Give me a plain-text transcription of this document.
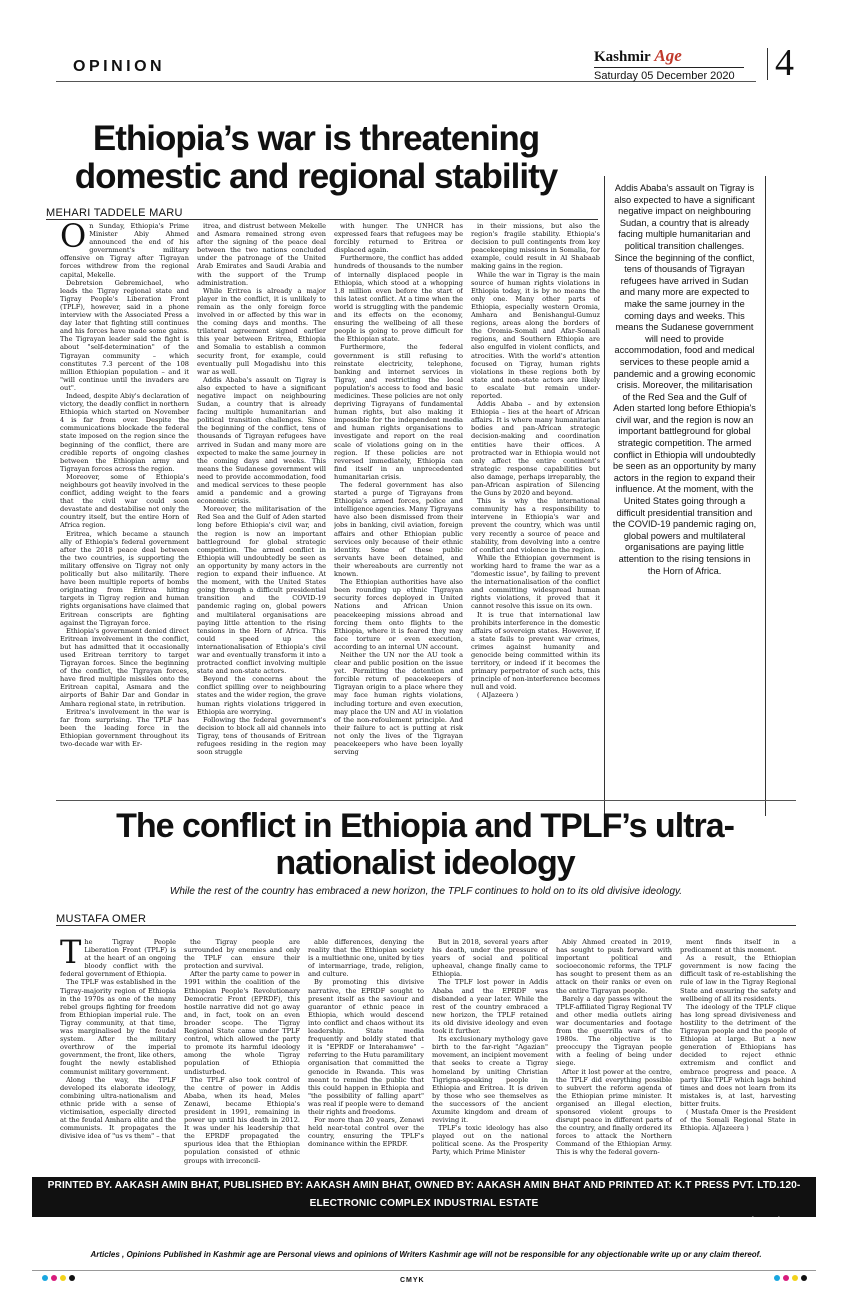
OPINION
Kashmir Age
Saturday 05 December 2020 4
Ethiopia’s war is threatening domestic and regional stability
MEHARI TADDELE MARU
O n Sunday, Ethiopia's Prime Minister Abiy Ahmed announced the end of his government's military offensive on Tigray after Tigrayan forces withdrew from the regional capital, Mekelle.

Debretsion Gebremichael, who leads the Tigray regional state and Tigray People's Liberation Front (TPLF), however, said in a phone interview with the Associated Press a day later that fighting still continues and his forces have made some gains. The Tigrayan leader said the fight is about "self-determination" of the Tigrayan community – which constitutes 7.3 percent of the 108 million Ethiopian population – and it "will continue until the invaders are out".

Indeed, despite Abiy's declaration of victory, the deadly conflict in northern Ethiopia which started on November 4 is far from over. Despite the communications blockade the federal state imposed on the region since the beginning of the conflict, there are credible reports of ongoing clashes between the Ethiopian army and Tigrayan forces across the region.

Moreover, some of Ethiopia's neighbours got heavily involved in the conflict, adding weight to the fears that the civil war could soon devastate and destabilise not only the country itself, but the entire Horn of Africa region.

Eritrea, which became a staunch ally of Ethiopia's federal government after the 2018 peace deal between the two countries, is supporting the military offensive on Tigray not only politically but also militarily. There have been multiple reports of bombs originating from Eritrea hitting targets in Tigray region and human rights organisations have claimed that Eritrean conscripts are fighting against the Tigrayan force.

Ethiopia's government denied direct Eritrean involvement in the conflict, but has admitted that it occasionally used Eritrean territory to target Tigrayan forces. Since the beginning of the conflict, the Tigrayan forces, have fired multiple missiles onto the Eritrean capital, Asmara and the airports of Bahir Dar and Gondar in Amhara regional state, in retribution.

Eritrea's involvement in the war is far from surprising. The TPLF has been the leading force in the Ethiopian government throughout its two-decade war with Er-

itrea, and distrust between Mekelle and Asmara remained strong even after the signing of the peace deal between the two nations concluded under the patronage of the United Arab Emirates and Saudi Arabia and with the support of the Trump administration.

While Eritrea is already a major player in the conflict, it is unlikely to remain as the only foreign force involved in or affected by this war in the coming days and months. The trilateral agreement signed earlier this year between Eritrea, Ethiopia and Somalia to establish a common security front, for example, could eventually pull Mogadishu into this war as well.

Addis Ababa's assault on Tigray is also expected to have a significant negative impact on neighbouring Sudan, a country that is already facing multiple humanitarian and political transition challenges. Since the beginning of the conflict, tens of thousands of Tigrayan refugees have arrived in Sudan and many more are expected to make the same journey in the coming days and weeks. This means the Sudanese government will need to provide accommodation, food and medical services to these people amid a pandemic and a growing economic crisis.

Moreover, the militarisation of the Red Sea and the Gulf of Aden started long before Ethiopia's civil war, and the region is now an important battleground for global strategic competition. The armed conflict in Ethiopia will undoubtedly be seen as an opportunity by many actors in the region to expand their influence. At the moment, with the United States going through a difficult presidential transition and the COVID-19 pandemic raging on, global powers and multilateral organisations are paying little attention to the rising tensions in the Horn of Africa. This could speed up the internationalisation of Ethiopia's civil war and eventually transform it into a protracted conflict involving multiple state and non-state actors.

Beyond the concerns about the conflict spilling over to neighbouring states and the wider region, the grave human rights violations triggered in Ethiopia are worrying.

Following the federal government's decision to block all aid channels into Tigray, tens of thousands of Eritrean refugees residing in the region may soon struggle

with hunger. The UNHCR has expressed fears that refugees may be forcibly returned to Eritrea or displaced again.

Furthermore, the conflict has added hundreds of thousands to the number of internally displaced people in Ethiopia, which stood at a whopping 1.8 million even before the start of this latest conflict. At a time when the world is struggling with the pandemic and its effects on the economy, ensuring the wellbeing of all these people is going to prove difficult for the Ethiopian state.

Furthermore, the federal government is still refusing to reinstate electricity, telephone, banking and internet services in Tigray, and restricting the local population's access to food and basic medicines. These policies are not only depriving Tigrayans of fundamental human rights, but also making it impossible for the independent media and human rights organisations to investigate and report on the real scale of violations going on in the region. If these policies are not reversed immediately, Ethiopia can find itself in an unprecedented humanitarian crisis.

The federal government has also started a purge of Tigrayans from Ethiopia's armed forces, police and intelligence agencies. Many Tigrayans have also been dismissed from their jobs in banking, civil aviation, foreign affairs and other Ethiopian public services only because of their ethnic identity. Some of these public servants have been detained, and their whereabouts are currently not known.

The Ethiopian authorities have also been rounding up ethnic Tigrayan security forces deployed in United Nations and African Union peacekeeping missions abroad and forcing them onto flights to the Ethiopia, where it is feared they may face torture or even execution, according to an internal UN account.

Neither the UN nor the AU took a clear and public position on the issue yet. Permitting the detention and forcible return of peacekeepers of Tigrayan origin to a place where they may face human rights violations, including torture and even execution, may place the UN and AU in violation of the non-refoulement principle. And their failure to act is putting at risk not only the lives of the Tigrayan peacekeepers who have been loyally serving

in their missions, but also the region's fragile stability. Ethiopia's decision to pull contingents from key peacekeeping missions in Somalia, for example, could result in Al Shabaab making gains in the region.

While the war in Tigray is the main source of human rights violations in Ethiopia today, it is by no means the only one. Many other parts of Ethiopia, especially western Oromia, Amhara and Benishangul-Gumuz regions, areas along the borders of the Oromia-Somali and Afar-Somali regions, and Southern Ethiopia are also engulfed in violent conflicts, and atrocities. With the world's attention focused on Tigray, human rights violations in these regions both by state and non-state actors are likely to escalate but remain under-reported.

Addis Ababa – and by extension Ethiopia – lies at the heart of African affairs. It is where many humanitarian bodies and pan-African strategic decision-making and coordination entities have their offices. A protracted war in Ethiopia would not only affect the entire continent's strategic response capabilities but also damage, perhaps irreparably, the pan-African aspiration of Silencing the Guns by 2020 and beyond.

This is why the international community has a responsibility to intervene in Ethiopia's war and prevent the country, which was until very recently a source of peace and stability, from devolving into a centre of conflict and violence in the region.

While the Ethiopian government is working hard to frame the war as a "domestic issue", by failing to prevent the internationalisation of the conflict and committing widespread human rights violations, it proved that it cannot resolve this issue on its own.

It is true that international law prohibits interference in the domestic affairs of sovereign states. However, if a state fails to prevent war crimes, crimes against humanity and genocide being committed within its territory, or indeed if it becomes the primary perpetrator of such acts, this principle of non-interference becomes null and void.

( AlJazeera )

Addis Ababa's assault on Tigray is also expected to have a significant negative impact on neighbouring Sudan, a country that is already facing multiple humanitarian and political transition challenges. Since the beginning of the conflict, tens of thousands of Tigrayan refugees have arrived in Sudan and many more are expected to make the same journey in the coming days and weeks. This means the Sudanese government will need to provide accommodation, food and medical services to these people amid a pandemic and a growing economic crisis. Moreover, the militarisation of the Red Sea and the Gulf of Aden started long before Ethiopia's civil war, and the region is now an important battleground for global strategic competition. The armed conflict in Ethiopia will undoubtedly be seen as an opportunity by many actors in the region to expand their influence. At the moment, with the United States going through a difficult presidential transition and the COVID-19 pandemic raging on, global powers and multilateral organisations are paying little attention to the rising tensions in the Horn of Africa.
The conflict in Ethiopia and TPLF’s ultra-nationalist ideology
While the rest of the country has embraced a new horizon, the TPLF continues to hold on to its old divisive ideology.
MUSTAFA OMER
T he Tigray People Liberation Front (TPLF) is at the heart of an ongoing bloody conflict with the federal government of Ethiopia.

The TPLF was established in the Tigray-majority region of Ethiopia in the 1970s as one of the many rebel groups fighting for freedom from Ethiopian imperial rule. The Tigray community, at that time, was marginalised by the feudal system. After the military overthrow of the imperial government, the front, like others, fought the newly established communist military government.

Along the way, the TPLF developed its elaborate ideology, combining ultra-nationalism and ethnic pride with a sense of victimisation, especially directed at the feudal Amhara elite and the communists. It propagates the divisive idea of "us vs them" – that

the Tigray people are surrounded by enemies and only the TPLF can ensure their protection and survival.

After the party came to power in 1991 within the coalition of the Ethiopian People's Revolutionary Democratic Front (EPRDF), this hostile narrative did not go away and, in fact, took on an even broader scope. The Tigray Regional State came under TPLF control, which allowed the party to promote its harmful ideology among the whole Tigray population of Ethiopia undisturbed.

The TPLF also took control of the centre of power in Addis Ababa, when its head, Meles Zenawi, became Ethiopia's president in 1991, remaining in power up until his death in 2012. It was under his leadership that the EPRDF propagated the spurious idea that the Ethiopian population consisted of ethnic groups with irreconcil-

able differences, denying the reality that the Ethiopian society is a multiethnic one, united by ties of intermarriage, trade, religion, and culture.

By promoting this divisive narrative, the EPRDF sought to present itself as the saviour and guarantor of ethnic peace in Ethiopia, which would descend into conflict and chaos without its leadership. State media frequently and boldly stated that it is "EPRDF or Interahamwe" – referring to the Hutu paramilitary organisation that committed the genocide in Rwanda. This was meant to remind the public that this could happen in Ethiopia and "the possibility of falling apart" was real if people were to demand their rights and freedoms.

For more than 20 years, Zenawi held near-total control over the country, ensuring the TPLF's dominance within the EPRDF.

But in 2018, several years after his death, under the pressure of years of social and political upheaval, change finally came to Ethiopia.

The TPLF lost power in Addis Ababa and the EPRDF was disbanded a year later. While the rest of the country embraced a new horizon, the TPLF retained its old divisive ideology and even took it further.

Its exclusionary mythology gave birth to the far-right "Agazian" movement, an incipient movement that seeks to create a Tigray homeland by uniting Christian Tigrigna-speaking people in Ethiopia and Eritrea. It is driven by those who see themselves as the successors of the ancient Axumite kingdom and dream of reviving it.

TPLF's toxic ideology has also played out on the national political scene. As the Prosperity Party, which Prime Minister

Abiy Ahmed created in 2019, has sought to push forward with important political and socioeconomic reforms, the TPLF has sought to present them as an attack on their ranks or even on the entire Tigrayan people.

Barely a day passes without the TPLF-affiliated Tigray Regional TV and other media outlets airing war documentaries and footage from the guerrilla wars of the 1980s. The objective is to preoccupy the Tigrayan people with a feeling of being under siege.

After it lost power at the centre, the TPLF did everything possible to subvert the reform agenda of the Ethiopian prime minister. It organised an illegal election, sponsored violent groups to disrupt peace in different parts of the country, and finally ordered its forces to attack the Northern Command of the Ethiopian Army. This is why the federal govern-

ment finds itself in a predicament at this moment.

As a result, the Ethiopian government is now facing the difficult task of re-establishing the rule of law in the Tigray Regional State and ensuring the safety and wellbeing of all its residents.

The ideology of the TPLF clique has long spread divisiveness and hostility to the detriment of the Tigrayan people and the people of Ethiopia at large. But a new generation of Ethiopians has decided to reject ethnic extremism and conflict and embrace progress and peace. A party like TPLF which lags behind times and does not learn from its mistakes is, at last, harvesting bitter fruits.

( Mustafa Omer is the President of the Somali Regional State in Ethiopia. AlJazeera )

PRINTED BY. AAKASH AMIN BHAT, PUBLISHED BY: AAKASH AMIN BHAT, OWNED BY: AAKASH AMIN BHAT AND PRINTED AT: K.T PRESS PVT. LTD.120- ELECTRONIC COMPLEX INDUSTRIAL ESTATE
RANGRETH BUDGAM, J&K. AND PUBLISHED AT: MEDIA ENCLAVE RESIDENCY ROAD SGR. 190001 J&K. EDITOR: AAKASH AMIN BHAT, JKENG/2006/23952
Articles , Opinions Published in Kashmir age are Personal views and opinions of Writers Kashmir age will not be responsible for any objectionable write up or any claim thereof.
CMYK
